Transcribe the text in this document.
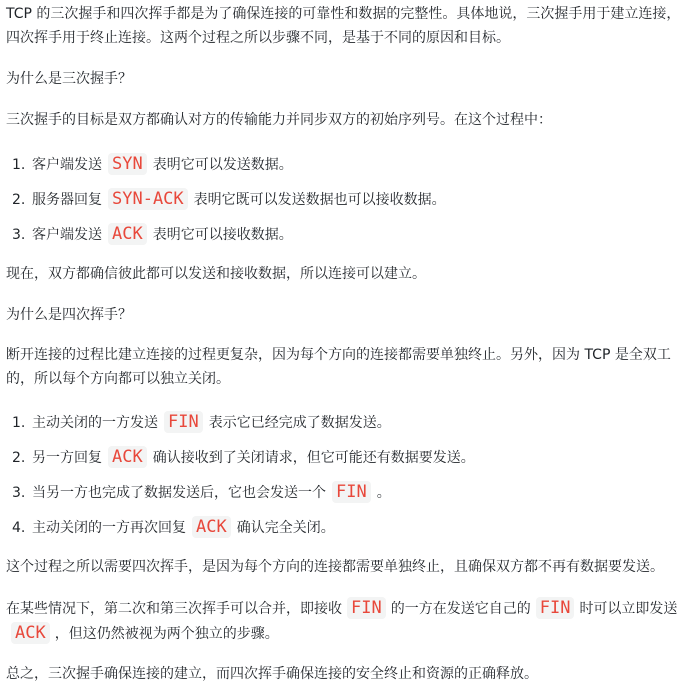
TCP 的三次握手和四次挥手都是为了确保连接的可靠性和数据的完整性。具体地说，三次握手用于建立连接，四次挥手用于终止连接。这两个过程之所以步骤不同，是基于不同的原因和目标。

为什么是三次握手？

三次握手的目标是双方都确认对方的传输能力并同步双方的初始序列号。在这个过程中：

1. 客户端发送 SYN 表明它可以发送数据。
2. 服务器回复 SYN-ACK 表明它既可以发送数据也可以接收数据。
3. 客户端发送 ACK 表明它可以接收数据。

现在，双方都确信彼此都可以发送和接收数据，所以连接可以建立。

为什么是四次挥手？

断开连接的过程比建立连接的过程更复杂，因为每个方向的连接都需要单独终止。另外，因为 TCP 是全双工的，所以每个方向都可以独立关闭。

1. 主动关闭的一方发送 FIN 表示它已经完成了数据发送。
2. 另一方回复 ACK 确认接收到了关闭请求，但它可能还有数据要发送。
3. 当另一方也完成了数据发送后，它也会发送一个 FIN 。
4. 主动关闭的一方再次回复 ACK 确认完全关闭。

这个过程之所以需要四次挥手，是因为每个方向的连接都需要单独终止，且确保双方都不再有数据要发送。

在某些情况下，第二次和第三次挥手可以合并，即接收 FIN 的一方在发送它自己的 FIN 时可以立即发送ACK ，但这仍然被视为两个独立的步骤。

总之，三次握手确保连接的建立，而四次挥手确保连接的安全终止和资源的正确释放。
